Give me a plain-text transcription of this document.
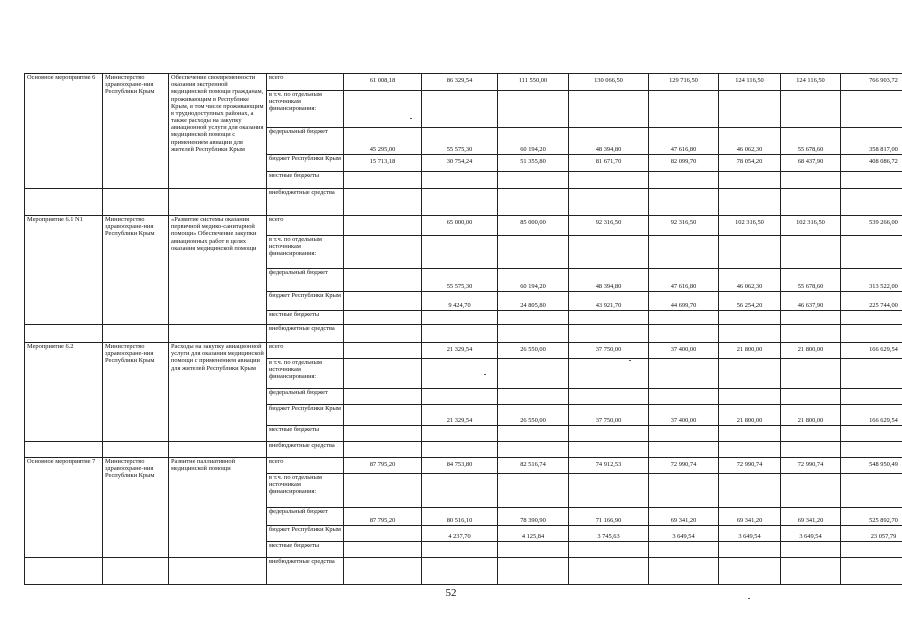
Основное мероприятие 6	Министерство здравоохране-ния Республики Крым	Обеспечение своевременности оказания экстренной медицинской помощи гражданам, проживающим в Республике Крым, в том числе проживающим в труднодоступных районах, а также расходы на закупку авиационной услуги для оказания медицинской помощи с применением авиации для жителей Республики Крым	всего	61 008,18	86 329,54	111 550,00	130 066,50	129 716,50	124 116,50	124 116,50	766 903,72
			в т.ч. по отдельным источникам финансирования:								
			федеральный бюджет	45 295,00	55 575,30	60 194,20	48 394,80	47 616,80	46 062,30	55 678,60	358 817,00
			бюджет Республики Крым	15 713,18	30 754,24	51 355,80	81 671,70	82 099,70	78 054,20	68 437,90	408 086,72
			местные бюджеты								
			внебюджетные средства								
Мероприятие 6.1 N1	Министерство здравоохране-ния Республики Крым	«Развитие системы оказания первичной медико-санитарной помощи» Обеспечение закупки авиационных работ в целях оказания медицинской помощи	всего		65 000,00	85 000,00	92 316,50	92 316,50	102 316,50	102 316,50	539 266,00
			в т.ч. по отдельным источникам финансирования:								
			федеральный бюджет		55 575,30	60 194,20	48 394,80	47 616,80	46 062,30	55 678,60	313 522,00
			бюджет Республики Крым		9 424,70	24 805,80	43 921,70	44 699,70	56 254,20	46 637,90	225 744,00
			местные бюджеты								
			внебюджетные средства								
Мероприятие 6.2	Министерство здравоохране-ния Республики Крым	Расходы на закупку авиационной услуги для оказания медицинской помощи с применением авиации для жителей Республики Крым	всего		21 329,54	26 550,00	37 750,00	37 400,00	21 800,00	21 800,00	166 629,54
			в т.ч. по отдельным источникам финансирования:								
			федеральный бюджет								
			бюджет Республики Крым		21 329,54	26 550,00	37 750,00	37 400,00	21 800,00	21 800,00	166 629,54
			местные бюджеты								
			внебюджетные средства								
Основное мероприятие 7	Министерство здравоохране-ния Республики Крым	Развитие паллиативной медицинской помощи	всего	87 795,20	84 753,80	82 516,74	74 912,53	72 990,74	72 990,74	72 990,74	548 950,49
			в т.ч. по отдельным источникам финансирования:								
			федеральный бюджет	87 795,20	80 516,10	78 390,90	71 166,90	69 341,20	69 341,20	69 341,20	525 892,70
			бюджет Республики Крым		4 237,70	4 125,84	3 745,63	3 649,54	3 649,54	3 649,54	23 057,79
			местные бюджеты								
			внебюджетные средства								
52
